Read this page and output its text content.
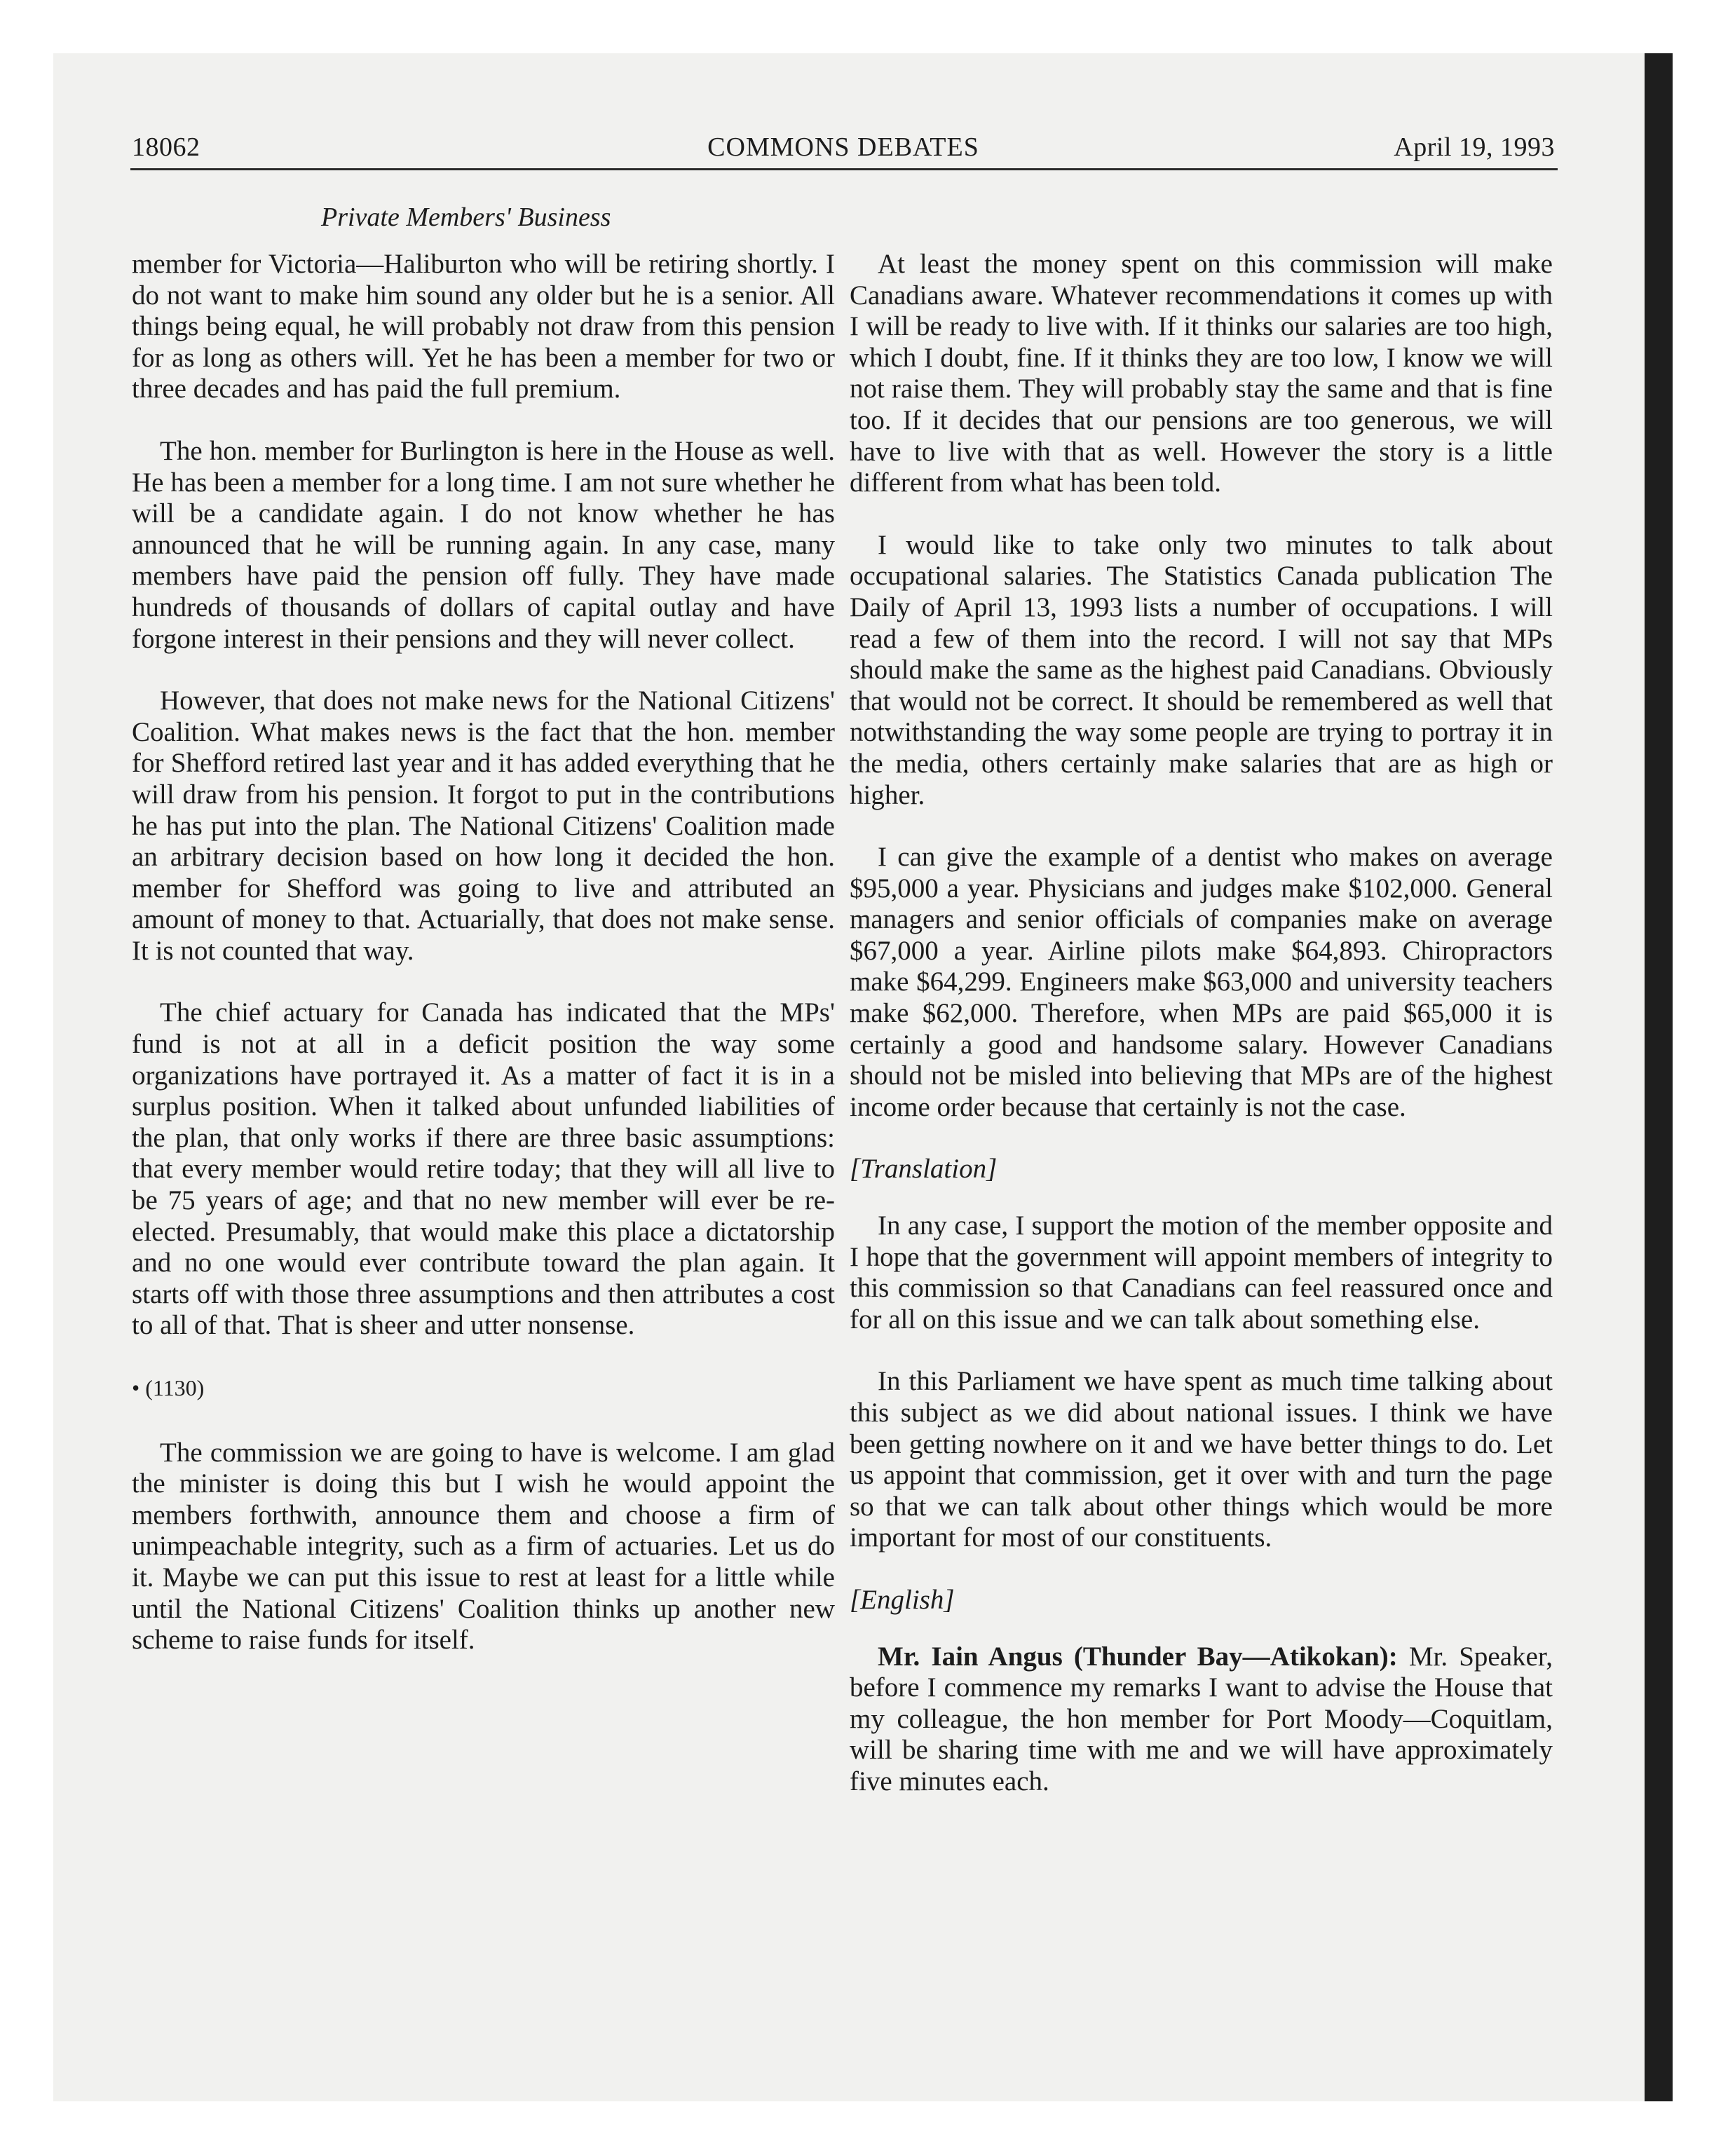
18062	COMMONS DEBATES	April 19, 1993
Private Members' Business

member for Victoria—Haliburton who will be retiring shortly. I do not want to make him sound any older but he is a senior. All things being equal, he will probably not draw from this pension for as long as others will. Yet he has been a member for two or three decades and has paid the full premium.

The hon. member for Burlington is here in the House as well. He has been a member for a long time. I am not sure whether he will be a candidate again. I do not know whether he has announced that he will be running again. In any case, many members have paid the pension off fully. They have made hundreds of thousands of dollars of capital outlay and have forgone interest in their pensions and they will never collect.

However, that does not make news for the National Citizens' Coalition. What makes news is the fact that the hon. member for Shefford retired last year and it has added everything that he will draw from his pension. It forgot to put in the contributions he has put into the plan. The National Citizens' Coalition made an arbitrary decision based on how long it decided the hon. member for Shefford was going to live and attributed an amount of money to that. Actuarially, that does not make sense. It is not counted that way.

The chief actuary for Canada has indicated that the MPs' fund is not at all in a deficit position the way some organizations have portrayed it. As a matter of fact it is in a surplus position. When it talked about unfunded liabilities of the plan, that only works if there are three basic assumptions: that every member would retire today; that they will all live to be 75 years of age; and that no new member will ever be re-elected. Presumably, that would make this place a dictatorship and no one would ever contribute toward the plan again. It starts off with those three assumptions and then attributes a cost to all of that. That is sheer and utter nonsense.

• (1130)

The commission we are going to have is welcome. I am glad the minister is doing this but I wish he would appoint the members forthwith, announce them and choose a firm of unimpeachable integrity, such as a firm of actuaries. Let us do it. Maybe we can put this issue to rest at least for a little while until the National Citizens' Coalition thinks up another new scheme to raise funds for itself.

At least the money spent on this commission will make Canadians aware. Whatever recommendations it comes up with I will be ready to live with. If it thinks our salaries are too high, which I doubt, fine. If it thinks they are too low, I know we will not raise them. They will probably stay the same and that is fine too. If it decides that our pensions are too generous, we will have to live with that as well. However the story is a little different from what has been told.

I would like to take only two minutes to talk about occupational salaries. The Statistics Canada publication The Daily of April 13, 1993 lists a number of occupations. I will read a few of them into the record. I will not say that MPs should make the same as the highest paid Canadians. Obviously that would not be correct. It should be remembered as well that notwithstanding the way some people are trying to portray it in the media, others certainly make salaries that are as high or higher.

I can give the example of a dentist who makes on average $95,000 a year. Physicians and judges make $102,000. General managers and senior officials of companies make on average $67,000 a year. Airline pilots make $64,893. Chiropractors make $64,299. Engineers make $63,000 and university teachers make $62,000. Therefore, when MPs are paid $65,000 it is certainly a good and handsome salary. However Canadians should not be misled into believing that MPs are of the highest income order because that certainly is not the case.

[Translation]

In any case, I support the motion of the member opposite and I hope that the government will appoint members of integrity to this commission so that Canadians can feel reassured once and for all on this issue and we can talk about something else.

In this Parliament we have spent as much time talking about this subject as we did about national issues. I think we have been getting nowhere on it and we have better things to do. Let us appoint that commission, get it over with and turn the page so that we can talk about other things which would be more important for most of our constituents.

[English]

Mr. Iain Angus (Thunder Bay—Atikokan): Mr. Speaker, before I commence my remarks I want to advise the House that my colleague, the hon member for Port Moody—Coquitlam, will be sharing time with me and we will have approximately five minutes each.
